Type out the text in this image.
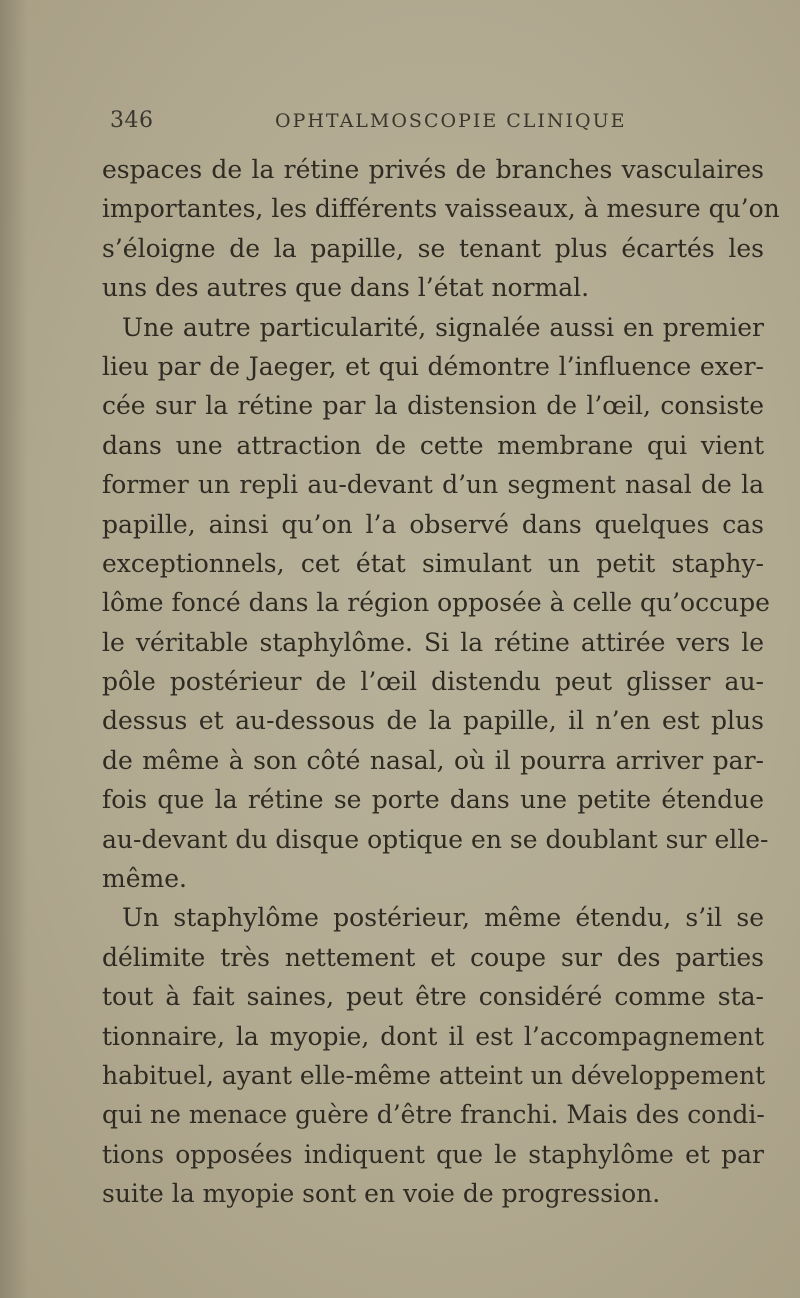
346	OPHTALMOSCOPIE CLINIQUE
espaces de la rétine privés de branches vasculaires
importantes, les différents vaisseaux, à mesure qu’on
s’éloigne de la papille, se tenant plus écartés les
uns des autres que dans l’état normal.
Une autre particularité, signalée aussi en premier
lieu par de Jaeger, et qui démontre l’influence exer-
cée sur la rétine par la distension de l’œil, consiste
dans une attraction de cette membrane qui vient
former un repli au-devant d’un segment nasal de la
papille, ainsi qu’on l’a observé dans quelques cas
exceptionnels, cet état simulant un petit staphy-
lôme foncé dans la région opposée à celle qu’occupe
le véritable staphylôme. Si la rétine attirée vers le
pôle postérieur de l’œil distendu peut glisser au-
dessus et au-dessous de la papille, il n’en est plus
de même à son côté nasal, où il pourra arriver par-
fois que la rétine se porte dans une petite étendue
au-devant du disque optique en se doublant sur elle-
même.
Un staphylôme postérieur, même étendu, s’il se
délimite très nettement et coupe sur des parties
tout à fait saines, peut être considéré comme sta-
tionnaire, la myopie, dont il est l’accompagnement
habituel, ayant elle-même atteint un développement
qui ne menace guère d’être franchi. Mais des condi-
tions opposées indiquent que le staphylôme et par
suite la myopie sont en voie de progression.
